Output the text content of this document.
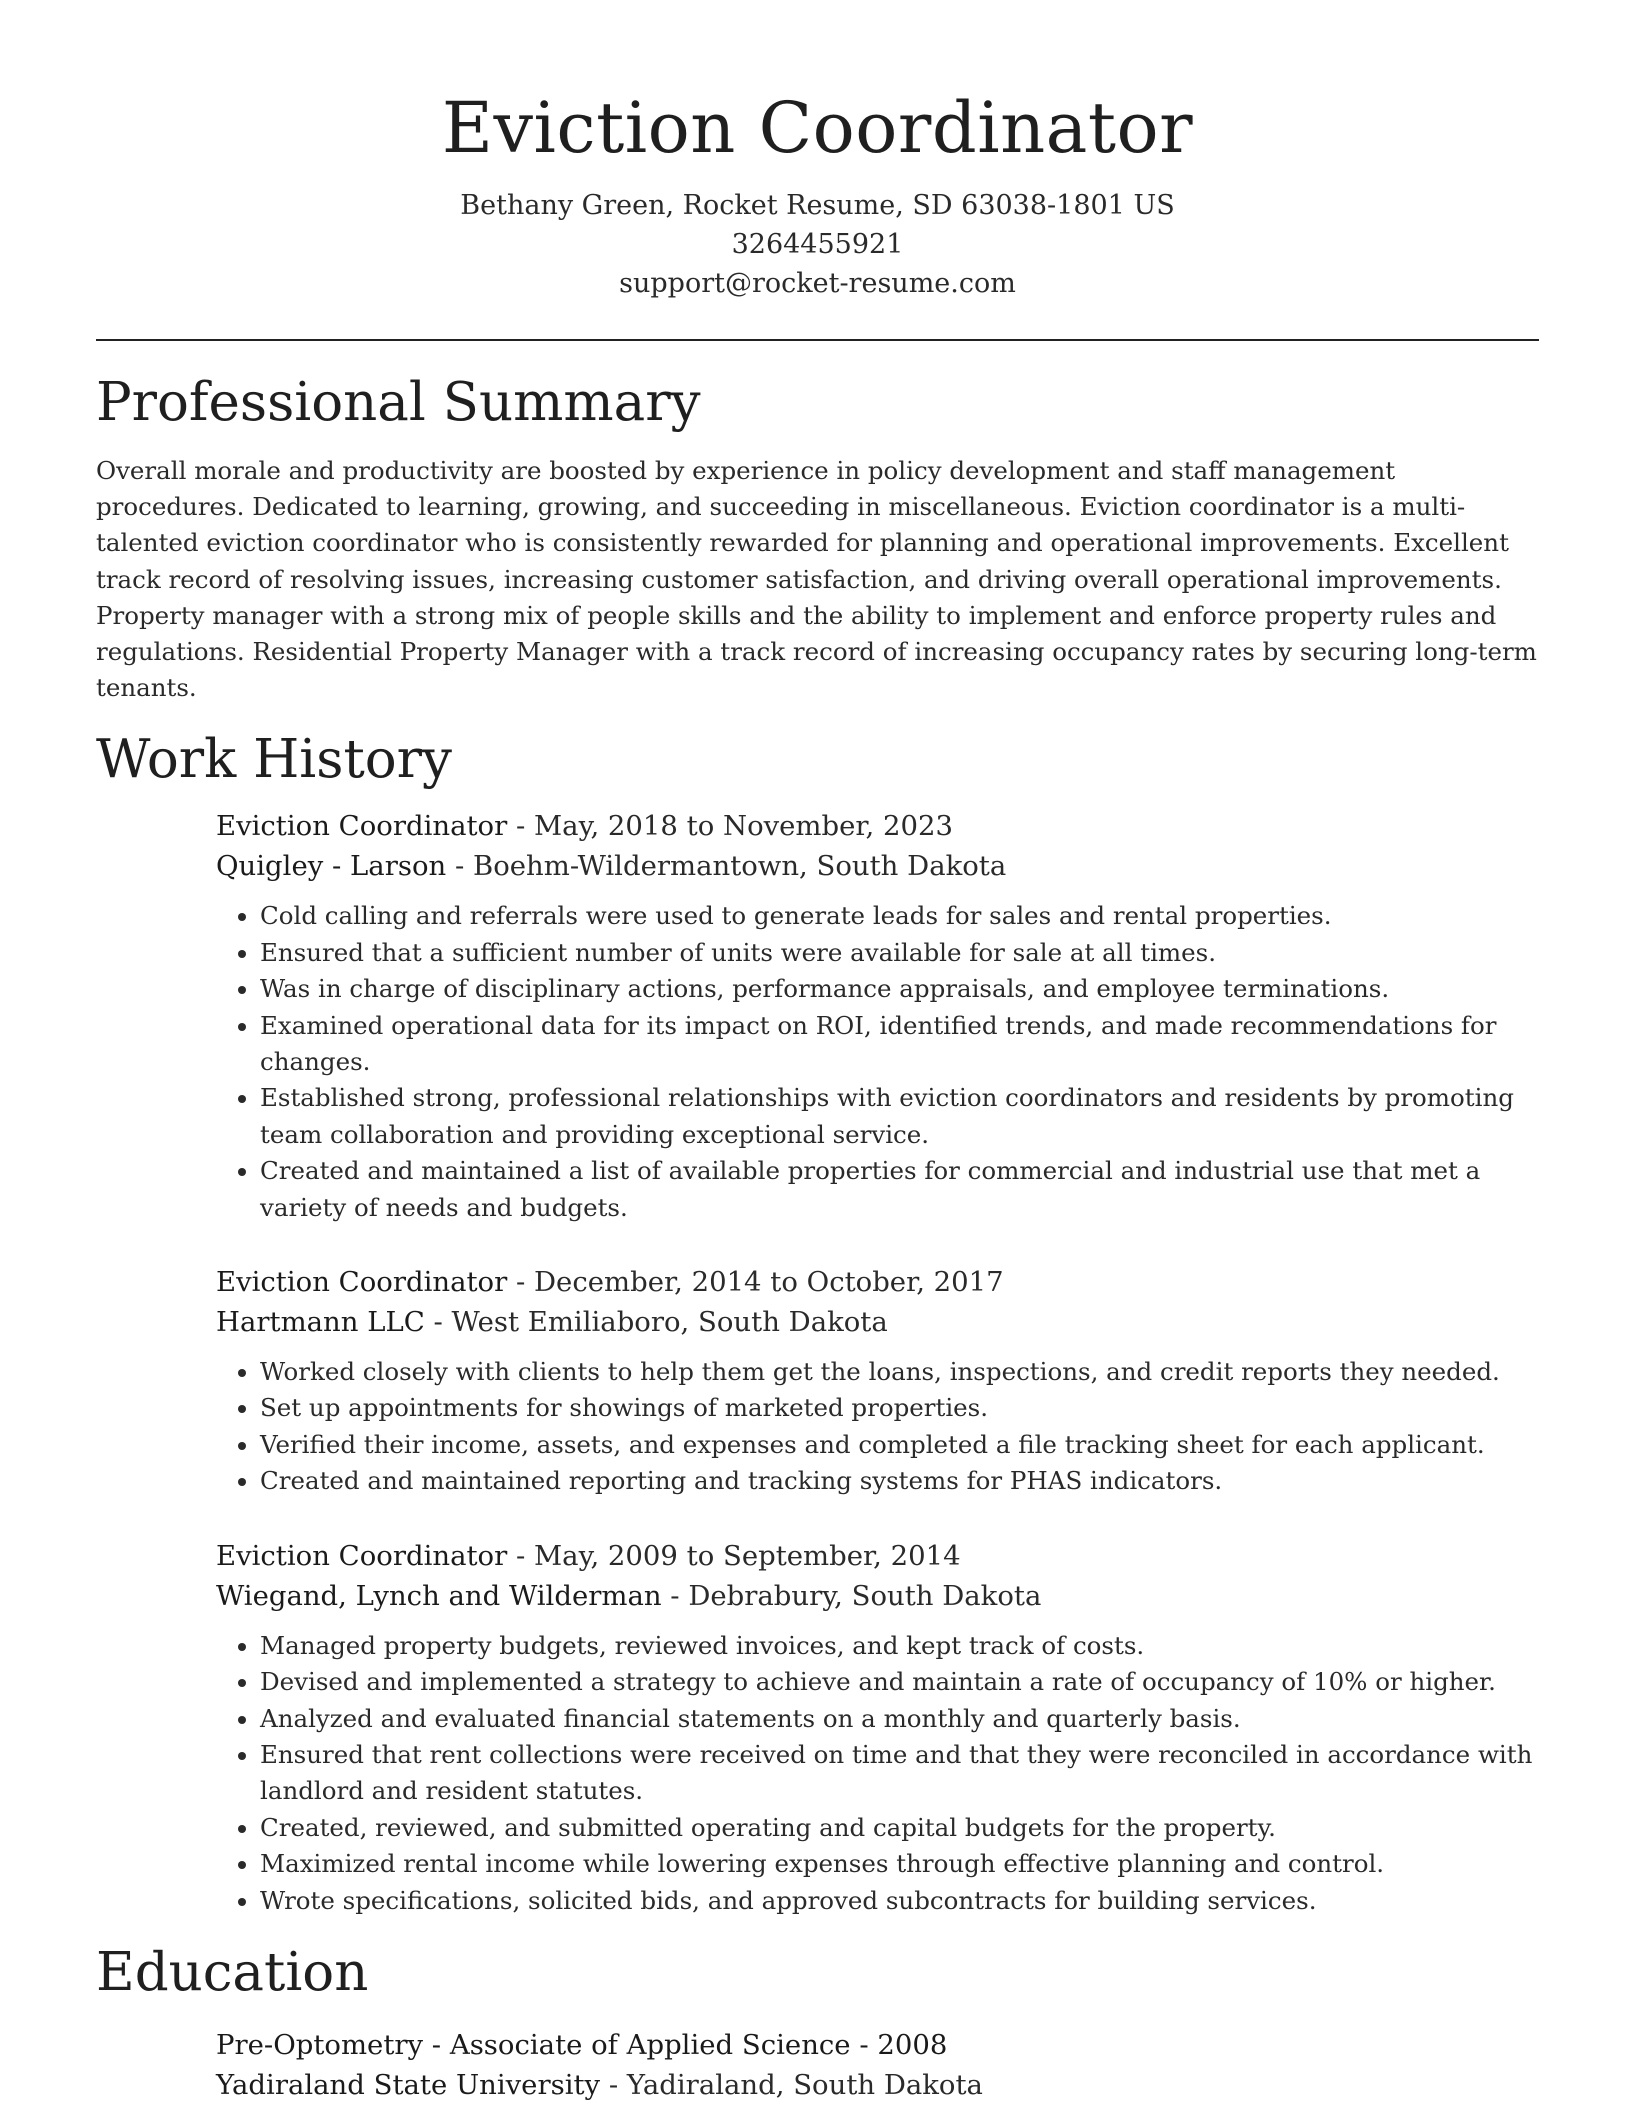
Eviction Coordinator

Bethany Green, Rocket Resume, SD 63038-1801 US

3264455921

support@rocket-resume.com

Professional Summary

Overall morale and productivity are boosted by experience in policy development and staff management procedures. Dedicated to learning, growing, and succeeding in miscellaneous. Eviction coordinator is a multi-talented eviction coordinator who is consistently rewarded for planning and operational improvements. Excellent track record of resolving issues, increasing customer satisfaction, and driving overall operational improvements. Property manager with a strong mix of people skills and the ability to implement and enforce property rules and regulations. Residential Property Manager with a track record of increasing occupancy rates by securing long-term tenants.

Work History

Eviction Coordinator - May, 2018 to November, 2023

Quigley - Larson - Boehm-Wildermantown, South Dakota

• Cold calling and referrals were used to generate leads for sales and rental properties.
• Ensured that a sufficient number of units were available for sale at all times.
• Was in charge of disciplinary actions, performance appraisals, and employee terminations.
• Examined operational data for its impact on ROI, identified trends, and made recommendations for changes.
• Established strong, professional relationships with eviction coordinators and residents by promoting team collaboration and providing exceptional service.
• Created and maintained a list of available properties for commercial and industrial use that met a variety of needs and budgets.

Eviction Coordinator - December, 2014 to October, 2017

Hartmann LLC - West Emiliaboro, South Dakota

• Worked closely with clients to help them get the loans, inspections, and credit reports they needed.
• Set up appointments for showings of marketed properties.
• Verified their income, assets, and expenses and completed a file tracking sheet for each applicant.
• Created and maintained reporting and tracking systems for PHAS indicators.

Eviction Coordinator - May, 2009 to September, 2014

Wiegand, Lynch and Wilderman - Debrabury, South Dakota

• Managed property budgets, reviewed invoices, and kept track of costs.
• Devised and implemented a strategy to achieve and maintain a rate of occupancy of 10% or higher.
• Analyzed and evaluated financial statements on a monthly and quarterly basis.
• Ensured that rent collections were received on time and that they were reconciled in accordance with landlord and resident statutes.
• Created, reviewed, and submitted operating and capital budgets for the property.
• Maximized rental income while lowering expenses through effective planning and control.
• Wrote specifications, solicited bids, and approved subcontracts for building services.
Education

Pre-Optometry - Associate of Applied Science - 2008

Yadiraland State University - Yadiraland, South Dakota
